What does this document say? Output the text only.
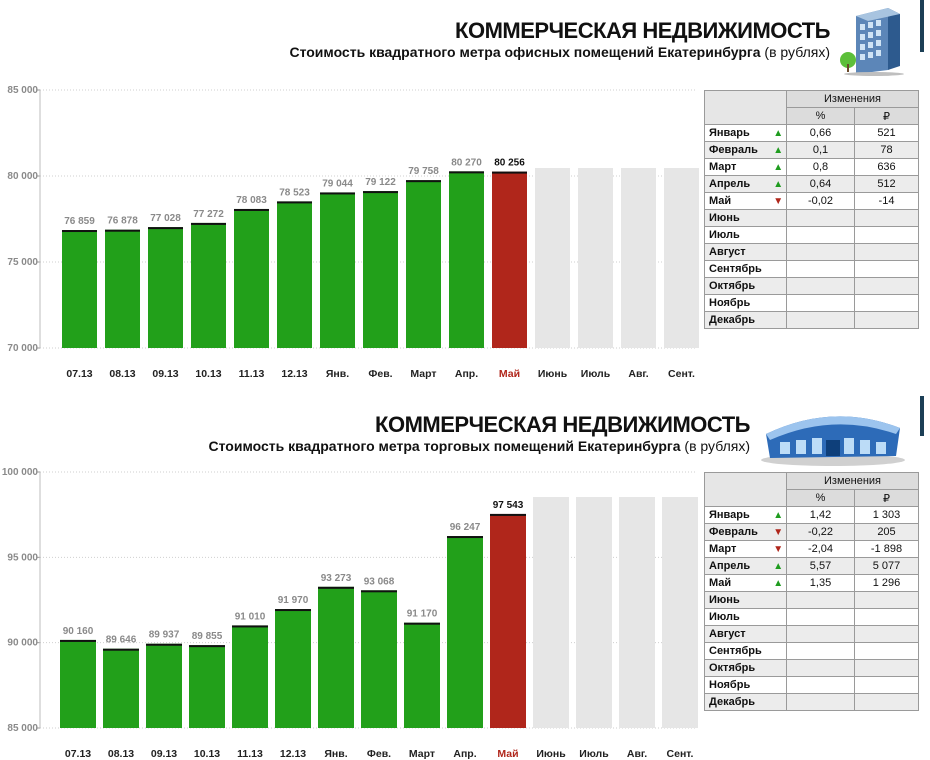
КОММЕРЧЕСКАЯ НЕДВИЖИМОСТЬ
Стоимость квадратного метра офисных помещений Екатеринбурга (в рублях)
70 000
75 000
80 000
85 000
76 859
07.13
76 878
08.13
77 028
09.13
77 272
10.13
78 083
11.13
78 523
12.13
79 044
Янв.
79 122
Фев.
79 758
Март
80 270
Апр.
80 256
Май Июнь Июль Авг. Сент.
		Изменения	
		%	₽
Январь	▲	0,66	521
Февраль	▲	0,1	78
Март	▲	0,8	636
Апрель	▲	0,64	512
Май	▼	-0,02	-14
Июнь			
Июль			
Август			
Сентябрь			
Октябрь			
Ноябрь			
Декабрь			
КОММЕРЧЕСКАЯ НЕДВИЖИМОСТЬ
Стоимость квадратного метра торговых помещений Екатеринбурга (в рублях)
85 000
90 000
95 000
100 000
90 160
07.13
89 646
08.13
89 937
09.13
89 855
10.13
91 010
11.13
91 970
12.13
93 273
Янв.
93 068
Фев.
91 170
Март
96 247
Апр.
97 543
Май Июнь Июль Авг. Сент.
		Изменения	
		%	₽
Январь	▲	1,42	1 303
Февраль	▼	-0,22	205
Март	▼	-2,04	-1 898
Апрель	▲	5,57	5 077
Май	▲	1,35	1 296
Июнь			
Июль			
Август			
Сентябрь			
Октябрь			
Ноябрь			
Декабрь			
